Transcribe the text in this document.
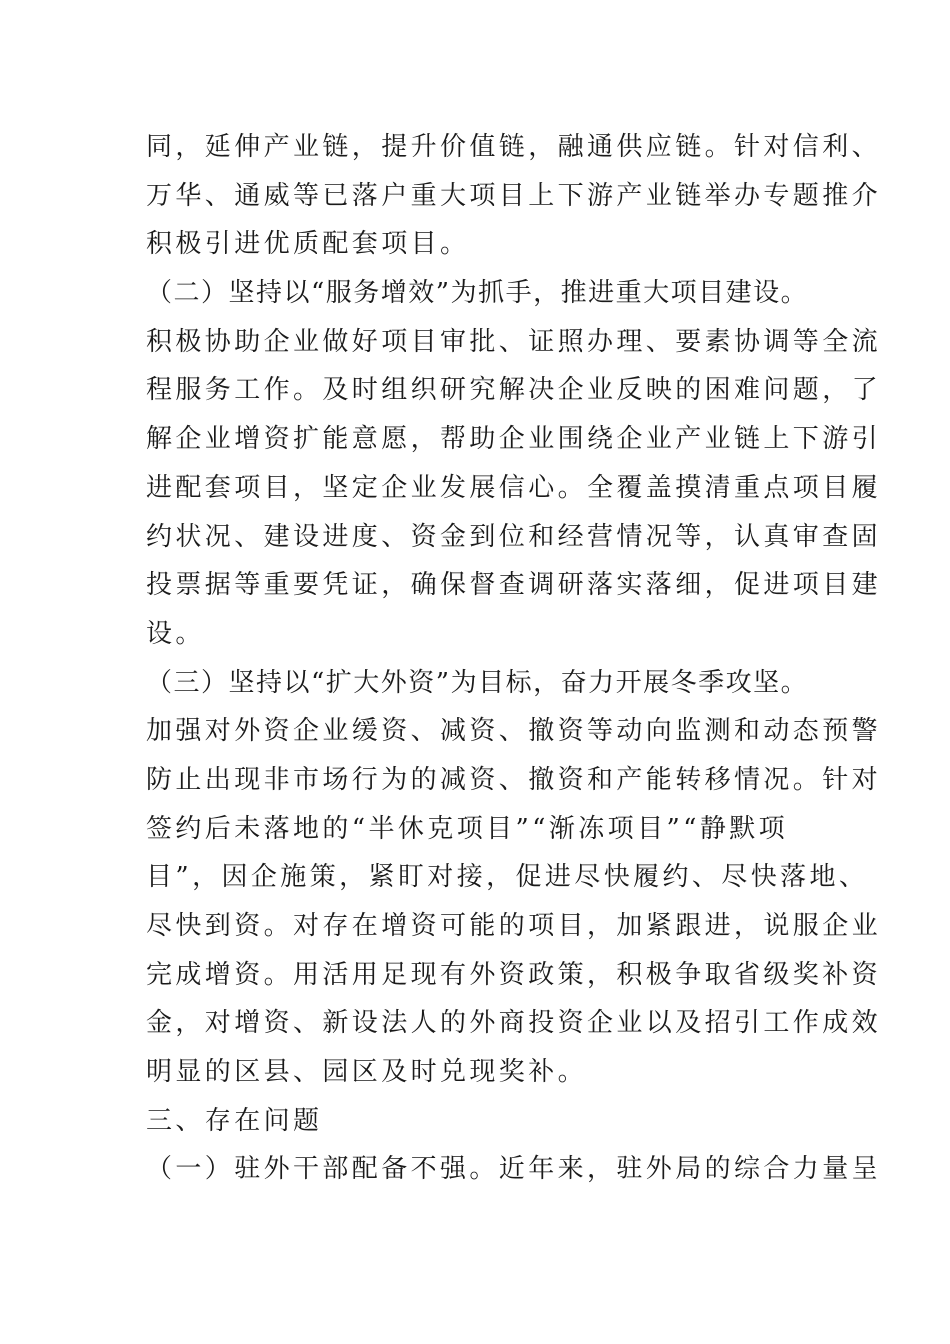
同，延伸产业链，提升价值链，融通供应链。针对信利、
万华、通威等已落户重大项目上下游产业链举办专题推介
积极引进优质配套项目。
（二）坚持以“服务增效”为抓手，推进重大项目建设。
积极协助企业做好项目审批、证照办理、要素协调等全流
程服务工作。及时组织研究解决企业反映的困难问题，了
解企业增资扩能意愿，帮助企业围绕企业产业链上下游引
进配套项目，坚定企业发展信心。全覆盖摸清重点项目履
约状况、建设进度、资金到位和经营情况等，认真审查固
投票据等重要凭证，确保督查调研落实落细，促进项目建
设。
（三）坚持以“扩大外资”为目标，奋力开展冬季攻坚。
加强对外资企业缓资、减资、撤资等动向监测和动态预警
防止出现非市场行为的减资、撤资和产能转移情况。针对
签约后未落地的“半休克项目”“渐冻项目”“静默项
目”，因企施策，紧盯对接，促进尽快履约、尽快落地、
尽快到资。对存在增资可能的项目，加紧跟进，说服企业
完成增资。用活用足现有外资政策，积极争取省级奖补资
金，对增资、新设法人的外商投资企业以及招引工作成效
明显的区县、园区及时兑现奖补。
三、存在问题
（一）驻外干部配备不强。近年来，驻外局的综合力量呈
